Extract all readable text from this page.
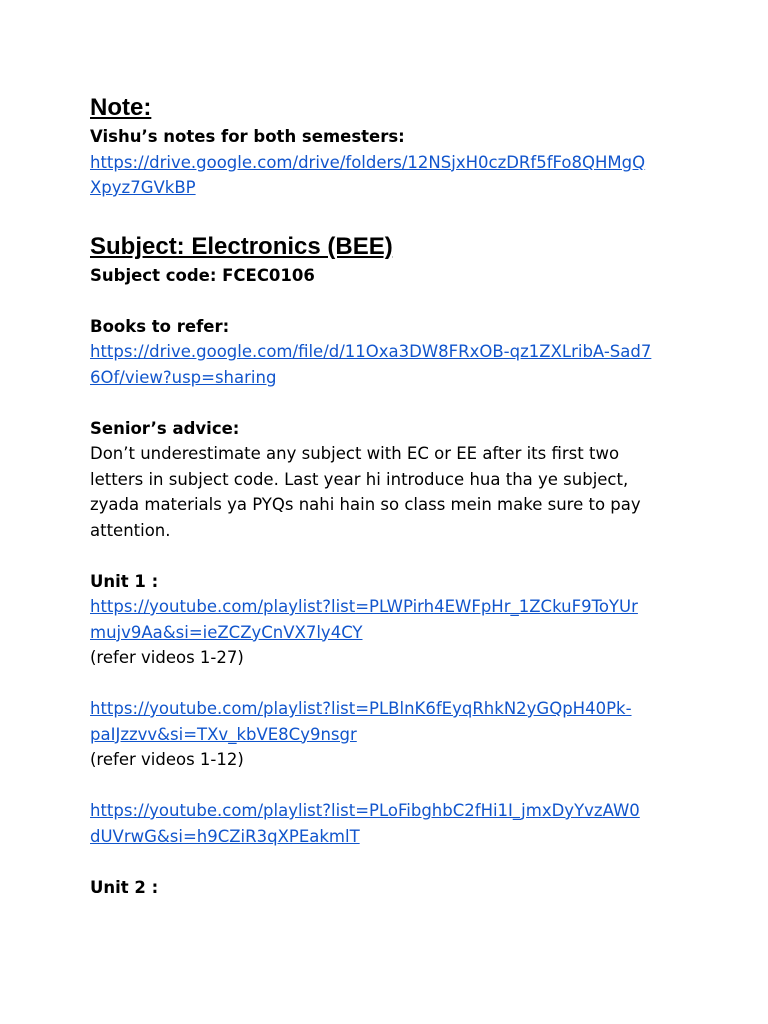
Note:
Vishu’s notes for both semesters:
https://drive.google.com/drive/folders/12NSjxH0czDRf5fFo8QHMgQ
Xpyz7GVkBP
Subject: Electronics (BEE)
Subject code: FCEC0106
Books to refer:
https://drive.google.com/file/d/11Oxa3DW8FRxOB-qz1ZXLribA-Sad7
6Of/view?usp=sharing
Senior’s advice:
Don’t underestimate any subject with EC or EE after its first two
letters in subject code. Last year hi introduce hua tha ye subject,
zyada materials ya PYQs nahi hain so class mein make sure to pay
attention.
Unit 1 :
https://youtube.com/playlist?list=PLWPirh4EWFpHr_1ZCkuF9ToYUr
mujv9Aa&si=ieZCZyCnVX7ly4CY
(refer videos 1-27)
https://youtube.com/playlist?list=PLBlnK6fEyqRhkN2yGQpH40Pk-
paIJzzvv&si=TXv_kbVE8Cy9nsgr
(refer videos 1-12)
https://youtube.com/playlist?list=PLoFibghbC2fHi1I_jmxDyYvzAW0
dUVrwG&si=h9CZiR3qXPEakmlT
Unit 2 :
